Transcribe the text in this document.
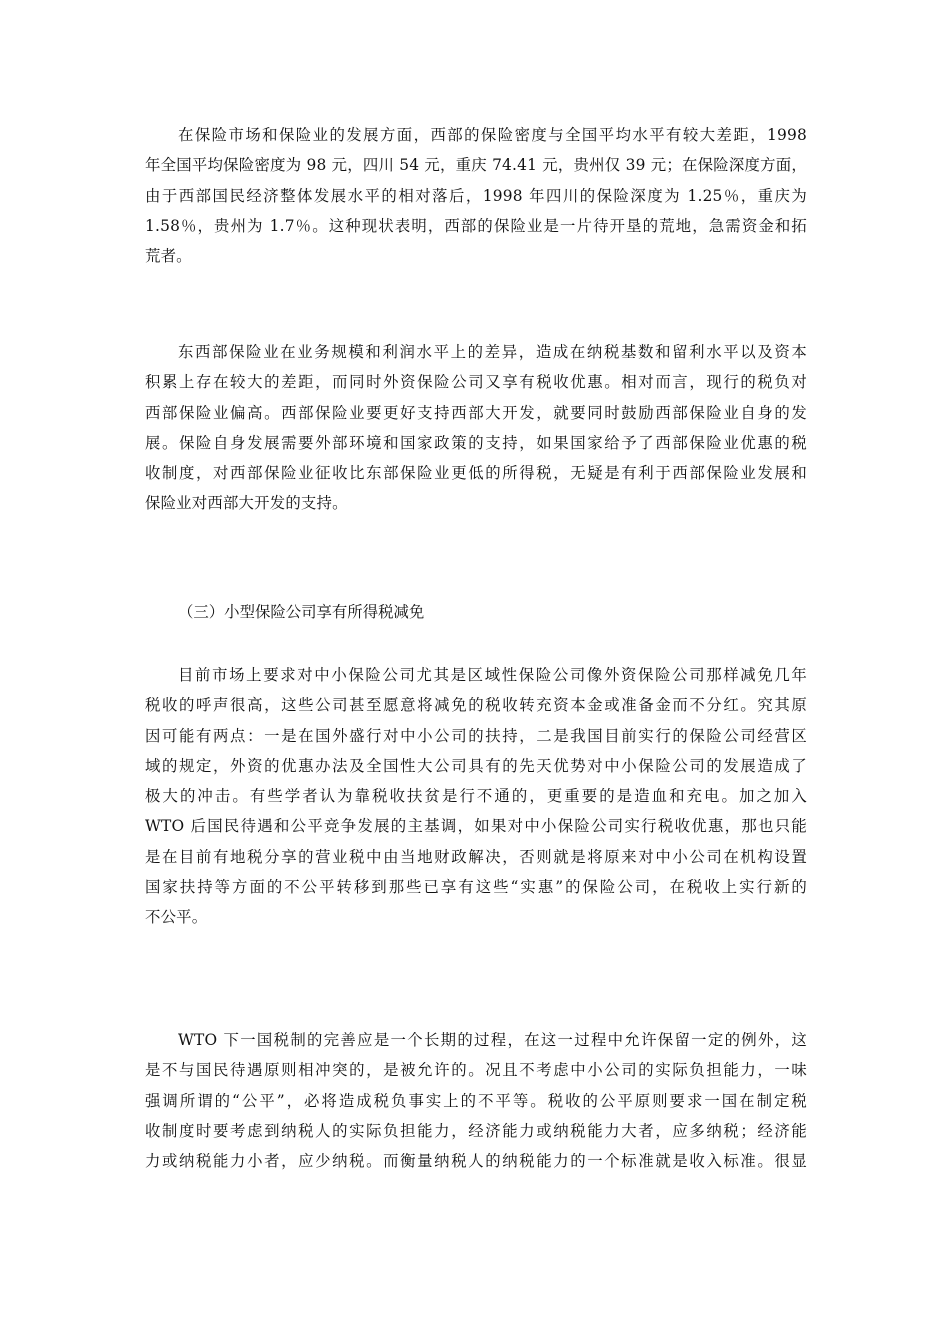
在保险市场和保险业的发展方面，西部的保险密度与全国平均水平有较大差距，1998
年全国平均保险密度为 98 元，四川 54 元，重庆 74.41 元，贵州仅 39 元；在保险深度方面，
由于西部国民经济整体发展水平的相对落后，1998 年四川的保险深度为 1.25％，重庆为
1.58％，贵州为 1.7％。这种现状表明，西部的保险业是一片待开垦的荒地，急需资金和拓
荒者。
东西部保险业在业务规模和利润水平上的差异，造成在纳税基数和留利水平以及资本
积累上存在较大的差距，而同时外资保险公司又享有税收优惠。相对而言，现行的税负对
西部保险业偏高。西部保险业要更好支持西部大开发，就要同时鼓励西部保险业自身的发
展。保险自身发展需要外部环境和国家政策的支持，如果国家给予了西部保险业优惠的税
收制度，对西部保险业征收比东部保险业更低的所得税，无疑是有利于西部保险业发展和
保险业对西部大开发的支持。
（三）小型保险公司享有所得税减免
目前市场上要求对中小保险公司尤其是区域性保险公司像外资保险公司那样减免几年
税收的呼声很高，这些公司甚至愿意将减免的税收转充资本金或准备金而不分红。究其原
因可能有两点：一是在国外盛行对中小公司的扶持，二是我国目前实行的保险公司经营区
域的规定，外资的优惠办法及全国性大公司具有的先天优势对中小保险公司的发展造成了
极大的冲击。有些学者认为靠税收扶贫是行不通的，更重要的是造血和充电。加之加入
WTO 后国民待遇和公平竞争发展的主基调，如果对中小保险公司实行税收优惠，那也只能
是在目前有地税分享的营业税中由当地财政解决，否则就是将原来对中小公司在机构设置
国家扶持等方面的不公平转移到那些已享有这些“实惠”的保险公司，在税收上实行新的
不公平。
WTO 下一国税制的完善应是一个长期的过程，在这一过程中允许保留一定的例外，这
是不与国民待遇原则相冲突的，是被允许的。况且不考虑中小公司的实际负担能力，一味
强调所谓的“公平”，必将造成税负事实上的不平等。税收的公平原则要求一国在制定税
收制度时要考虑到纳税人的实际负担能力，经济能力或纳税能力大者，应多纳税；经济能
力或纳税能力小者，应少纳税。而衡量纳税人的纳税能力的一个标准就是收入标准。很显
